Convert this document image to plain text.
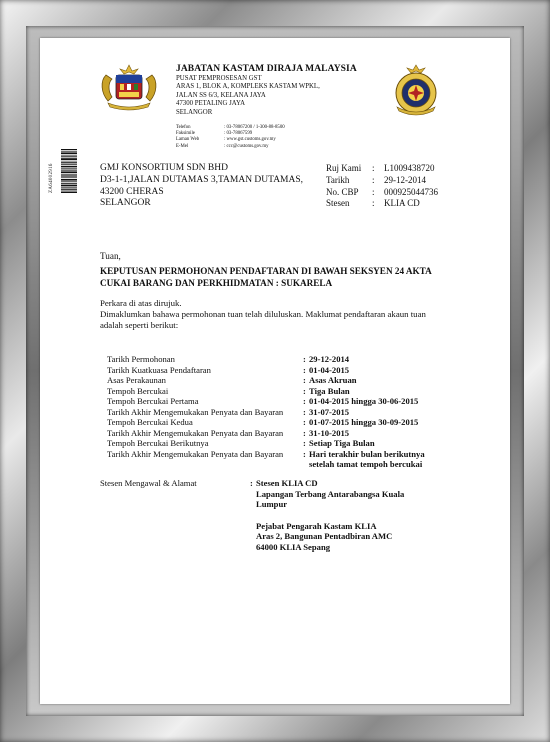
JABATAN KASTAM DIRAJA MALAYSIA
PUSAT PEMPROSESAN GST
ARAS 1, BLOK A, KOMPLEKS KASTAM WPKL,
JALAN SS 6/3, KELANA JAYA
47300 PETALING JAYA
SELANGOR
Telefon	: 03-78067200 / 1-300-88-8500
Faksimile	: 03-78067599
Laman Web	: www.gst.customs.gov.my
E-Mel	: ccc@customs.gov.my
ZA64002916	GMJ KONSORTIUM SDN BHD
D3-1-1,JALAN DUTAMAS 3,TAMAN DUTAMAS,
43200 CHERAS
SELANGOR
Ruj Kami	:	L1009438720
Tarikh	:	29-12-2014
No. CBP	:	000925044736
Stesen	:	KLIA CD
Tuan,
KEPUTUSAN PERMOHONAN PENDAFTARAN DI BAWAH SEKSYEN 24 AKTA CUKAI BARANG DAN PERKHIDMATAN : SUKARELA

Perkara di atas dirujuk.

Dimaklumkan bahawa permohonan tuan telah diluluskan. Maklumat pendaftaran akaun tuan adalah seperti berikut:

Tarikh Permohonan	: 29-12-2014
Tarikh Kuatkuasa Pendaftaran	: 01-04-2015
Asas Perakaunan	: Asas Akruan
Tempoh Bercukai	: Tiga Bulan
Tempoh Bercukai Pertama	: 01-04-2015 hingga 30-06-2015
Tarikh Akhir Mengemukakan Penyata dan Bayaran	: 31-07-2015
Tempoh Bercukai Kedua	: 01-07-2015 hingga 30-09-2015
Tarikh Akhir Mengemukakan Penyata dan Bayaran	: 31-10-2015
Tempoh Bercukai Berikutnya	: Setiap Tiga Bulan
Tarikh Akhir Mengemukakan Penyata dan Bayaran	: Hari terakhir bulan berikutnya setelah tamat tempoh bercukai
Stesen Mengawal & Alamat	: Stesen KLIA CD
Lapangan Terbang Antarabangsa Kuala Lumpur
Pejabat Pengarah Kastam KLIA
Aras 2, Bangunan Pentadbiran AMC
64000 KLIA Sepang
